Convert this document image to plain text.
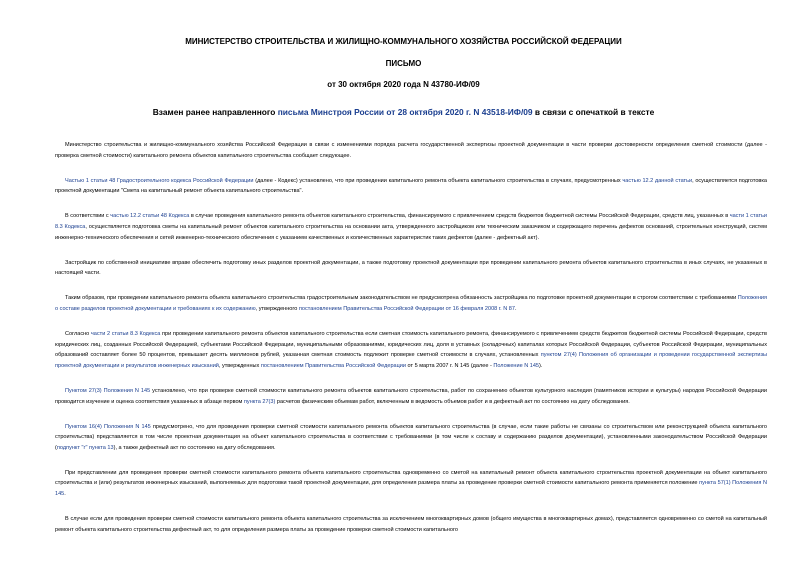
МИНИСТЕРСТВО СТРОИТЕЛЬСТВА И ЖИЛИЩНО-КОММУНАЛЬНОГО ХОЗЯЙСТВА РОССИЙСКОЙ ФЕДЕРАЦИИ
ПИСЬМО
от 30 октября 2020 года N 43780-ИФ/09
Взамен ранее направленного письма Минстроя России от 28 октября 2020 г. N 43518-ИФ/09 в связи с опечаткой в тексте

Министерство строительства и жилищно-коммунального хозяйства Российской Федерации в связи с изменениями порядка расчета государственной экспертизы проектной документации в части проверки достоверности определения сметной стоимости (далее - проверка сметной стоимости) капитального ремонта объектов капитального строительства сообщает следующее.

Частью 1 статьи 48 Градостроительного кодекса Российской Федерации (далее - Кодекс) установлено, что при проведении капитального ремонта объекта капитального строительства в случаях, предусмотренных частью 12.2 данной статьи, осуществляется подготовка проектной документации "Смета на капитальный ремонт объекта капитального строительства".

В соответствии с частью 12.2 статьи 48 Кодекса в случае проведения капитального ремонта объектов капитального строительства, финансируемого с привлечением средств бюджетов бюджетной системы Российской Федерации, средств лиц, указанных в части 1 статьи 8.3 Кодекса, осуществляется подготовка сметы на капитальный ремонт объектов капитального строительства на основании акта, утвержденного застройщиком или техническим заказчиком и содержащего перечень дефектов оснований, строительных конструкций, систем инженерно-технического обеспечения и сетей инженерно-технического обеспечения с указанием качественных и количественных характеристик таких дефектов (далее - дефектный акт).

Застройщик по собственной инициативе вправе обеспечить подготовку иных разделов проектной документации, а также подготовку проектной документации при проведении капитального ремонта объектов капитального строительства в иных случаях, не указанных в настоящей части.

Таким образом, при проведении капитального ремонта объекта капитального строительства градостроительным законодательством не предусмотрена обязанность застройщика по подготовке проектной документации в строгом соответствии с требованиями Положения о составе разделов проектной документации и требованиях к их содержанию, утвержденного постановлением Правительства Российской Федерации от 16 февраля 2008 г. N 87.

Согласно части 2 статьи 8.3 Кодекса при проведении капитального ремонта объектов капитального строительства если сметная стоимость капитального ремонта, финансируемого с привлечением средств бюджетов бюджетной системы Российской Федерации, средств юридических лиц, созданных Российской Федерацией, субъектами Российской Федерации, муниципальными образованиями, юридических лиц, доля в уставных (складочных) капиталах которых Российской Федерации, субъектов Российской Федерации, муниципальных образований составляет более 50 процентов, превышает десять миллионов рублей, указанная сметная стоимость подлежит проверке сметной стоимости в случаях, установленных пунктом 27(4) Положения об организации и проведении государственной экспертизы проектной документации и результатов инженерных изысканий, утвержденных постановлением Правительства Российской Федерации от 5 марта 2007 г. N 145 (далее - Положение N 145).

Пунктом 27(3) Положения N 145 установлено, что при проверке сметной стоимости капитального ремонта объектов капитального строительства, работ по сохранению объектов культурного наследия (памятников истории и культуры) народов Российской Федерации проводится изучение и оценка соответствия указанных в абзаце первом пункта 27(3) расчетов физическим объемам работ, включенным в ведомость объемов работ и в дефектный акт по состоянию на дату обследования.

Пунктом 16(4) Положения N 145 предусмотрено, что для проведения проверки сметной стоимости капитального ремонта объектов капитального строительства (в случае, если такие работы не связаны со строительством или реконструкцией объекта капитального строительства) представляется в том числе проектная документация на объект капитального строительства в соответствии с требованиями (в том числе к составу и содержанию разделов документации), установленными законодательством Российской Федерации (подпункт "г" пункта 13), а также дефектный акт по состоянию на дату обследования.

При представлении для проведения проверки сметной стоимости капитального ремонта объекта капитального строительства одновременно со сметой на капитальный ремонт объекта капитального строительства проектной документации на объект капитального строительства и (или) результатов инженерных изысканий, выполняемых для подготовки такой проектной документации, для определения размера платы за проведение проверки сметной стоимости капитального ремонта применяется положение пункта 57(1) Положения N 145.

В случае если для проведения проверки сметной стоимости капитального ремонта объекта капитального строительства за исключением многоквартирных домов (общего имущества в многоквартирных домах), представляется одновременно со сметой на капитальный ремонт объекта капитального строительства дефектный акт, то для определения размера платы за проведение проверки сметной стоимости капитального
